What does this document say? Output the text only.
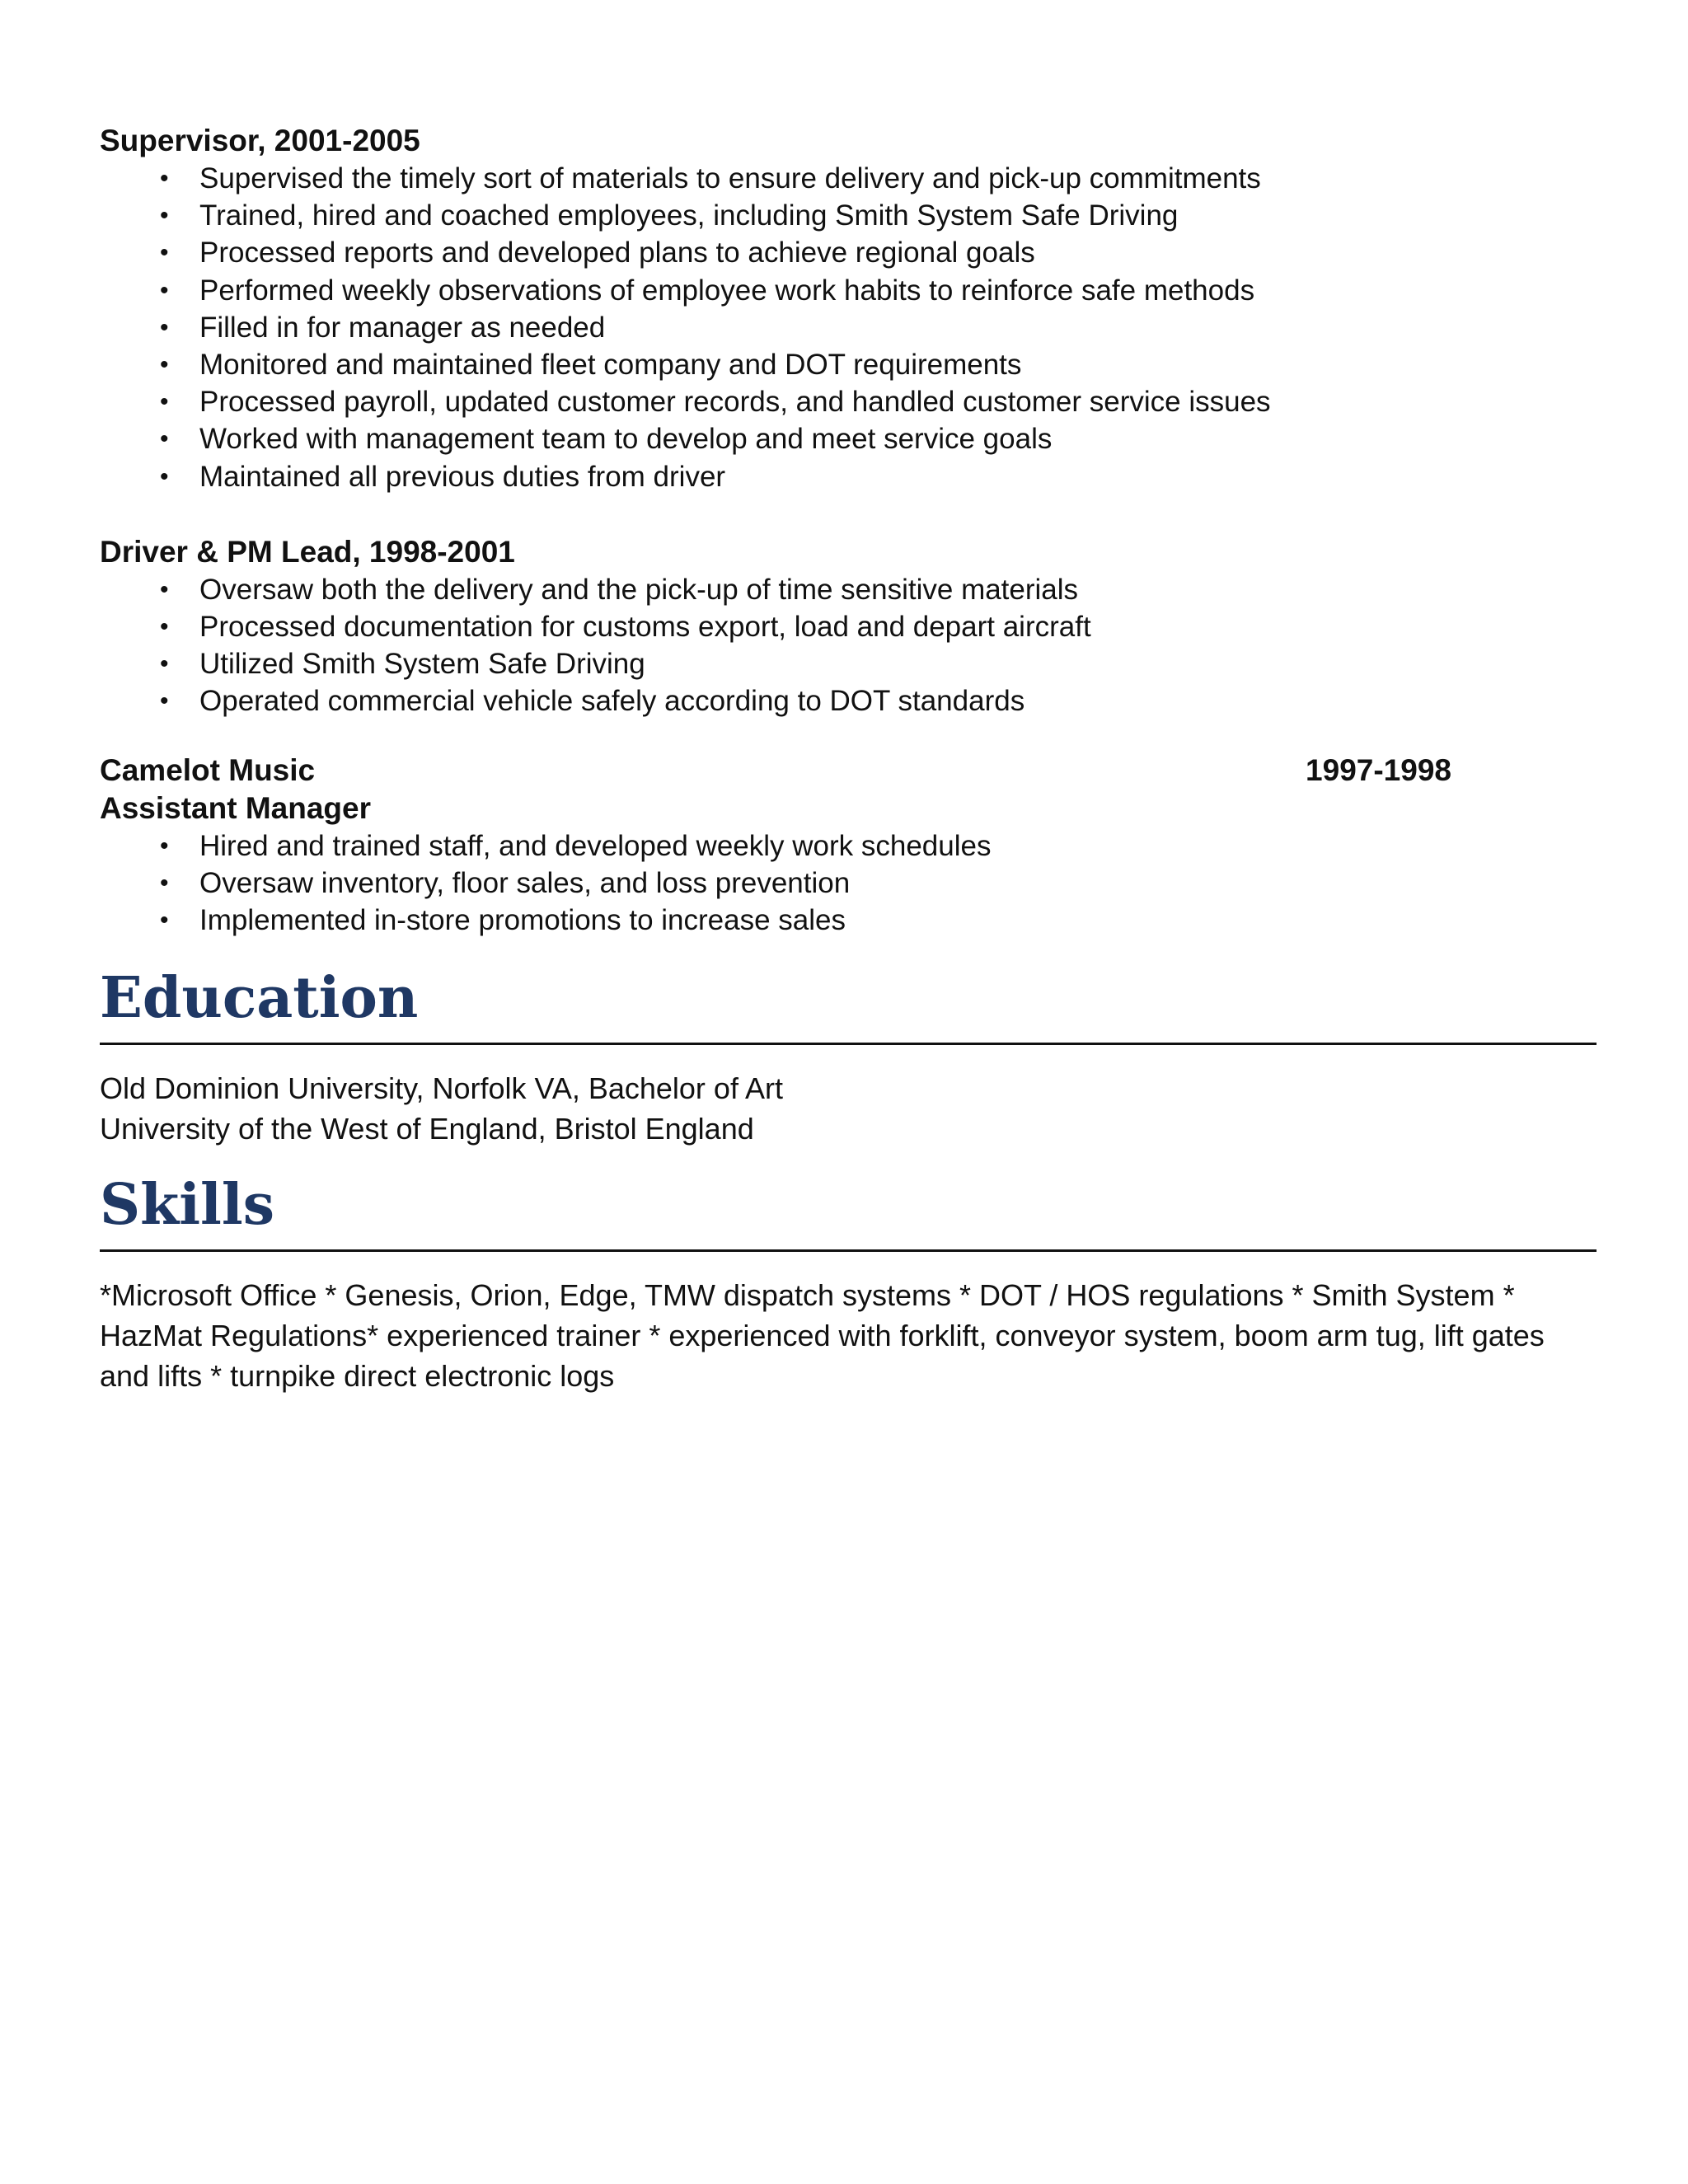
Supervisor, 2001-2005
• Supervised the timely sort of materials to ensure delivery and pick-up commitments
• Trained, hired and coached employees, including Smith System Safe Driving
• Processed reports and developed plans to achieve regional goals
• Performed weekly observations of employee work habits to reinforce safe methods
• Filled in for manager as needed
• Monitored and maintained fleet company and DOT requirements
• Processed payroll, updated customer records, and handled customer service issues
• Worked with management team to develop and meet service goals
• Maintained all previous duties from driver
Driver & PM Lead, 1998-2001
• Oversaw both the delivery and the pick-up of time sensitive materials
• Processed documentation for customs export, load and depart aircraft
• Utilized Smith System Safe Driving
• Operated commercial vehicle safely according to DOT standards
Camelot Music	1997-1998
Assistant Manager
• Hired and trained staff, and developed weekly work schedules
• Oversaw inventory, floor sales, and loss prevention
• Implemented in-store promotions to increase sales
Education
Old Dominion University, Norfolk VA, Bachelor of Art
University of the West of England, Bristol England
Skills
*Microsoft Office * Genesis, Orion, Edge, TMW dispatch systems * DOT / HOS regulations * Smith System * HazMat Regulations* experienced trainer * experienced with forklift, conveyor system, boom arm tug, lift gates and lifts * turnpike direct electronic logs
